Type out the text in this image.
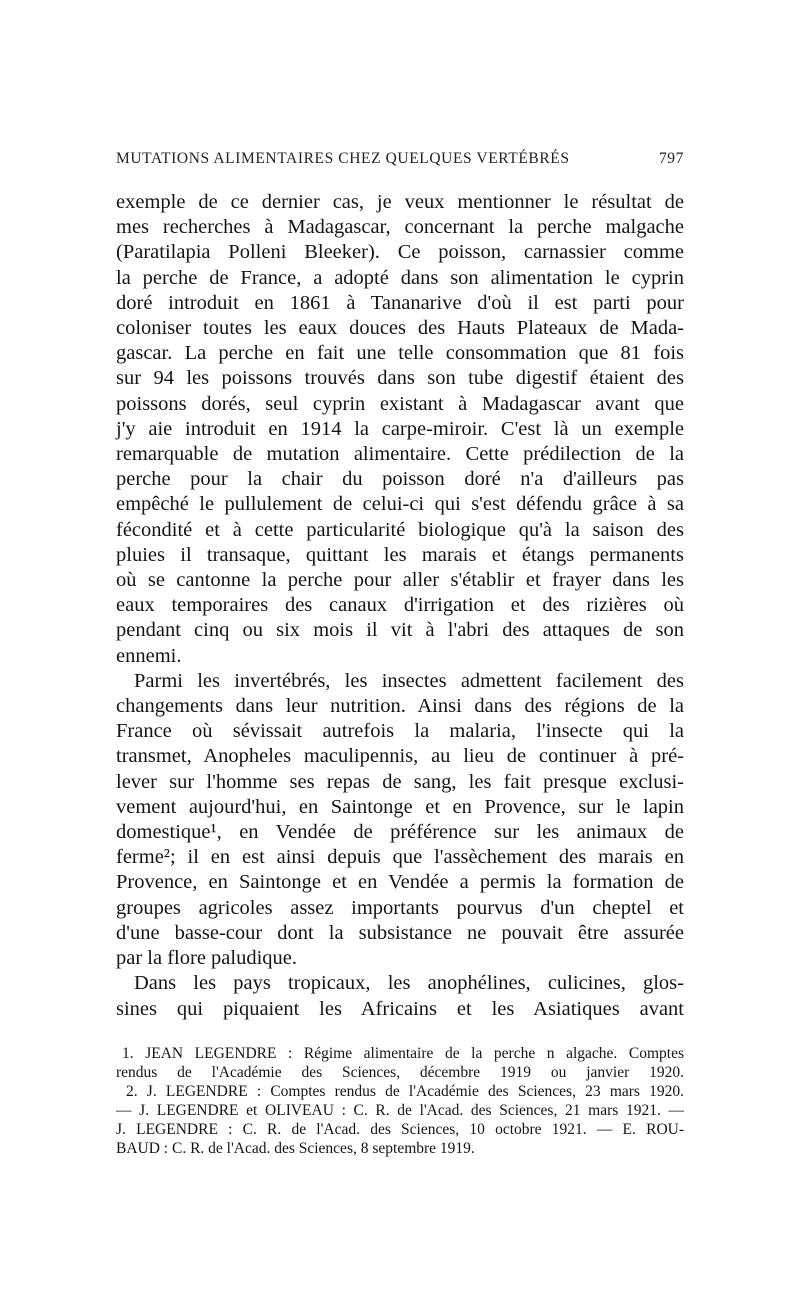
MUTATIONS ALIMENTAIRES CHEZ QUELQUES VERTÉBRÉS	797
exemple de ce dernier cas, je veux mentionner le résultat de
mes recherches à Madagascar, concernant la perche malgache
(Paratilapia Polleni Bleeker). Ce poisson, carnassier comme
la perche de France, a adopté dans son alimentation le cyprin
doré introduit en 1861 à Tananarive d'où il est parti pour
coloniser toutes les eaux douces des Hauts Plateaux de Mada-
gascar. La perche en fait une telle consommation que 81 fois
sur 94 les poissons trouvés dans son tube digestif étaient des
poissons dorés, seul cyprin existant à Madagascar avant que
j'y aie introduit en 1914 la carpe-miroir. C'est là un exemple
remarquable de mutation alimentaire. Cette prédilection de la
perche pour la chair du poisson doré n'a d'ailleurs pas
empêché le pullulement de celui-ci qui s'est défendu grâce à sa
fécondité et à cette particularité biologique qu'à la saison des
pluies il transaque, quittant les marais et étangs permanents
où se cantonne la perche pour aller s'établir et frayer dans les
eaux temporaires des canaux d'irrigation et des rizières où
pendant cinq ou six mois il vit à l'abri des attaques de son
ennemi.
Parmi les invertébrés, les insectes admettent facilement des
changements dans leur nutrition. Ainsi dans des régions de la
France où sévissait autrefois la malaria, l'insecte qui la
transmet, Anopheles maculipennis, au lieu de continuer à pré-
lever sur l'homme ses repas de sang, les fait presque exclusi-
vement aujourd'hui, en Saintonge et en Provence, sur le lapin
domestique¹, en Vendée de préférence sur les animaux de
ferme²; il en est ainsi depuis que l'assèchement des marais en
Provence, en Saintonge et en Vendée a permis la formation de
groupes agricoles assez importants pourvus d'un cheptel et
d'une basse-cour dont la subsistance ne pouvait être assurée
par la flore paludique.
Dans les pays tropicaux, les anophélines, culicines, glos-
sines qui piquaient les Africains et les Asiatiques avant
1. JEAN LEGENDRE : Régime alimentaire de la perche n algache. Comptes
rendus de l'Académie des Sciences, décembre 1919 ou janvier 1920.
2. J. LEGENDRE : Comptes rendus de l'Académie des Sciences, 23 mars 1920.
— J. LEGENDRE et OLIVEAU : C. R. de l'Acad. des Sciences, 21 mars 1921. —
J. LEGENDRE : C. R. de l'Acad. des Sciences, 10 octobre 1921. — E. ROU-
BAUD : C. R. de l'Acad. des Sciences, 8 septembre 1919.
